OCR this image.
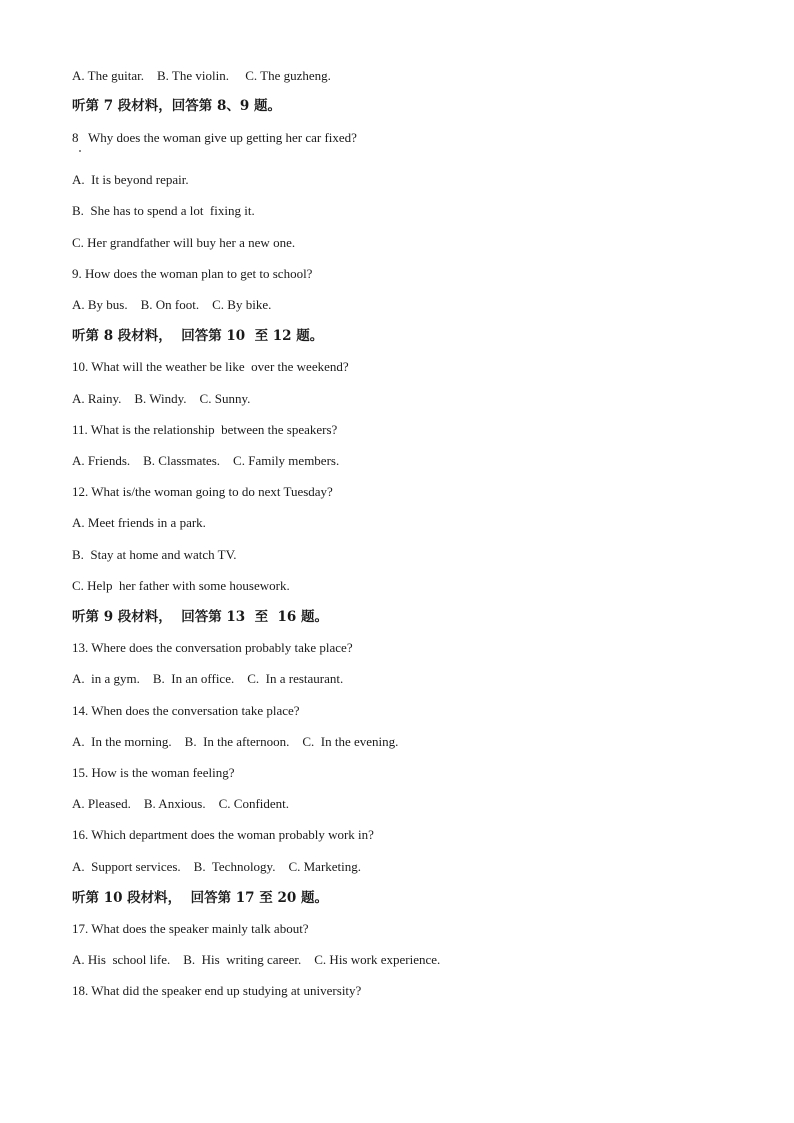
A. The guitar.    B. The violin.     C. The guzheng.
听第 7 段材料，回答第 8、9 题。
8   Why does the woman give up getting her car fixed?
A.  It is beyond repair.
B.  She has to spend a lot  fixing it.
C. Her grandfather will buy her a new one.
9. How does the woman plan to get to school?
A. By bus.    B. On foot.    C. By bike.
听第 8 段材料，  回答第 10  至 12 题。
10. What will the weather be like  over the weekend?
A. Rainy.    B. Windy.    C. Sunny.
11. What is the relationship  between the speakers?
A. Friends.    B. Classmates.    C. Family members.
12. What is/the woman going to do next Tuesday?
A. Meet friends in a park.
B.  Stay at home and watch TV.
C. Help  her father with some housework.
听第 9 段材料，  回答第 13  至  16 题。
13. Where does the conversation probably take place?
A.  in a gym.    B.  In an office.    C.  In a restaurant.
14. When does the conversation take place?
A.  In the morning.    B.  In the afternoon.    C.  In the evening.
15. How is the woman feeling?
A. Pleased.    B. Anxious.    C. Confident.
16. Which department does the woman probably work in?
A.  Support services.    B.  Technology.    C. Marketing.
听第 10 段材料，  回答第 17 至 20 题。
17. What does the speaker mainly talk about?
A. His  school life.    B.  His  writing career.    C. His work experience.
18. What did the speaker end up studying at university?
